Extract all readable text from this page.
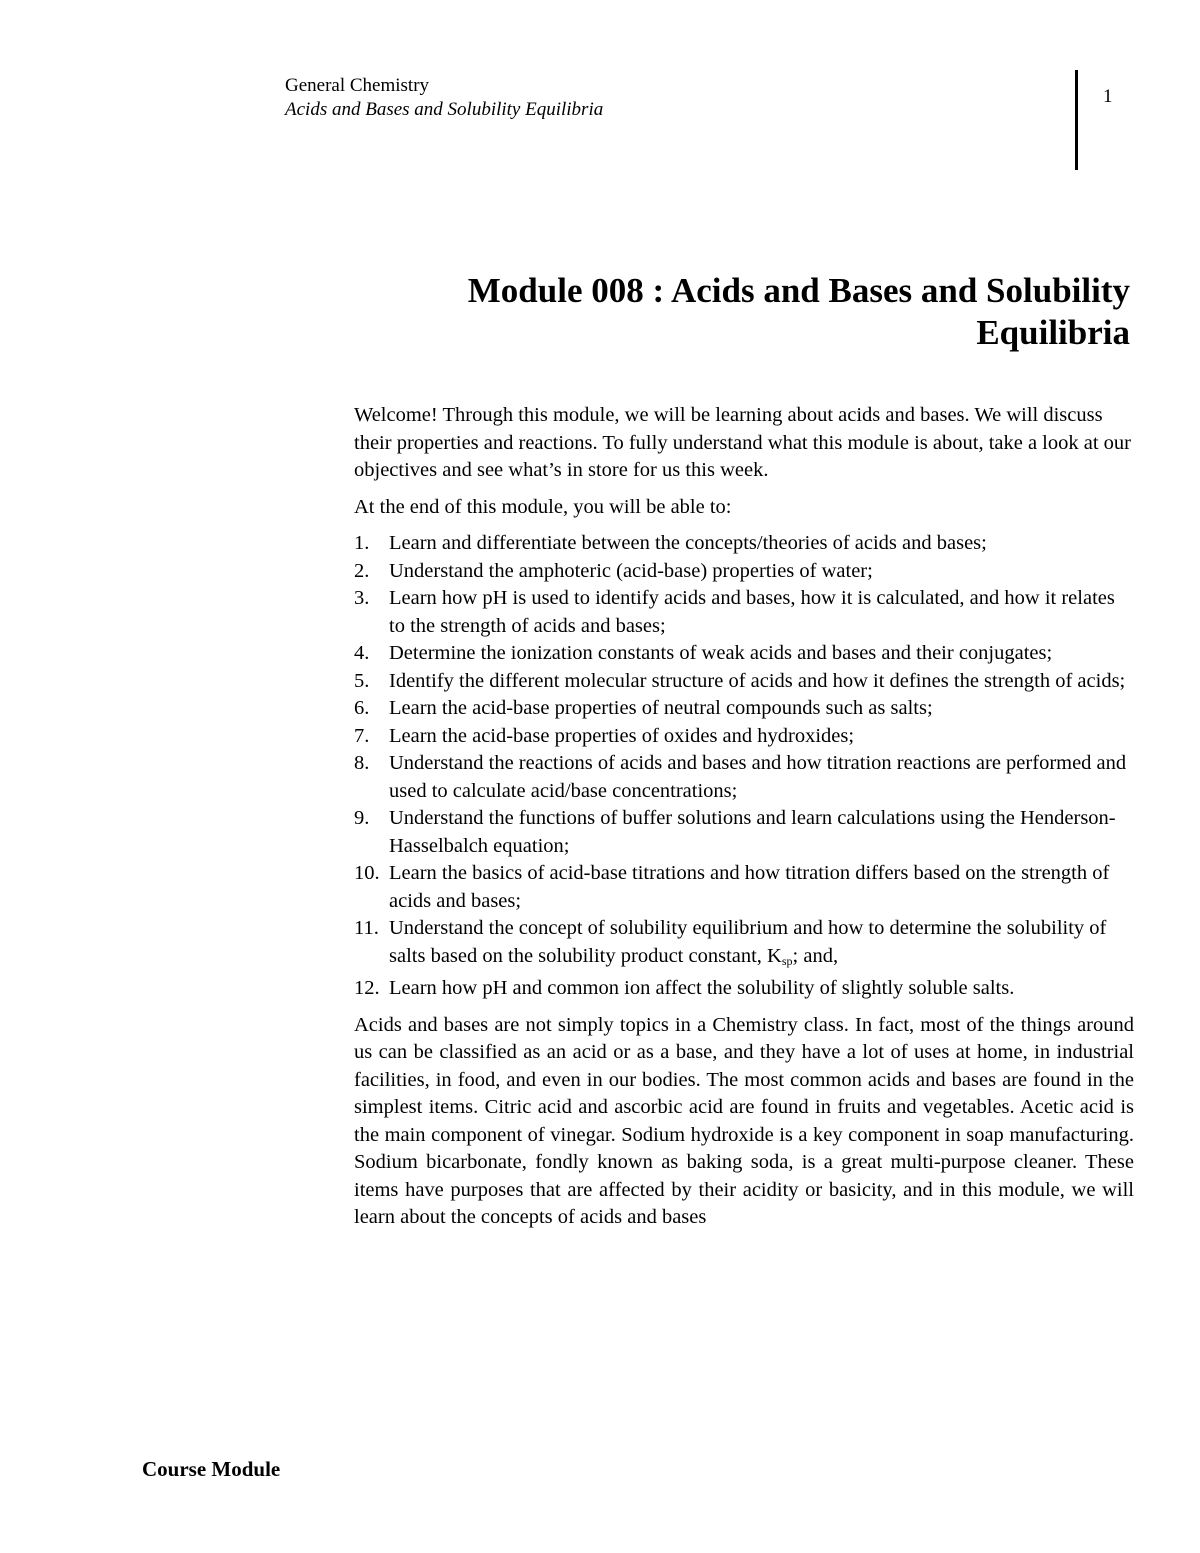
General Chemistry
Acids and Bases and Solubility Equilibria
1
Module 008 : Acids and Bases and Solubility
Equilibria

Welcome! Through this module, we will be learning about acids and bases. We will discuss their properties and reactions. To fully understand what this module is about, take a look at our objectives and see what’s in store for us this week.

At the end of this module, you will be able to:

1. Learn and differentiate between the concepts/theories of acids and bases;
2. Understand the amphoteric (acid-base) properties of water;
3. Learn how pH is used to identify acids and bases, how it is calculated, and how it relates to the strength of acids and bases;
4. Determine the ionization constants of weak acids and bases and their conjugates;
5. Identify the different molecular structure of acids and how it defines the strength of acids;
6. Learn the acid-base properties of neutral compounds such as salts;
7. Learn the acid-base properties of oxides and hydroxides;
8. Understand the reactions of acids and bases and how titration reactions are performed and used to calculate acid/base concentrations;
9. Understand the functions of buffer solutions and learn calculations using the Henderson-Hasselbalch equation;
10. Learn the basics of acid-base titrations and how titration differs based on the strength of acids and bases;
11. Understand the concept of solubility equilibrium and how to determine the solubility of salts based on the solubility product constant, $K_{sp}$; and,
12. Learn how pH and common ion affect the solubility of slightly soluble salts.

Acids and bases are not simply topics in a Chemistry class. In fact, most of the things around us can be classified as an acid or as a base, and they have a lot of uses at home, in industrial facilities, in food, and even in our bodies. The most common acids and bases are found in the simplest items. Citric acid and ascorbic acid are found in fruits and vegetables. Acetic acid is the main component of vinegar. Sodium hydroxide is a key component in soap manufacturing. Sodium bicarbonate, fondly known as baking soda, is a great multi-purpose cleaner. These items have purposes that are affected by their acidity or basicity, and in this module, we will learn about the concepts of acids and bases

Course Module
